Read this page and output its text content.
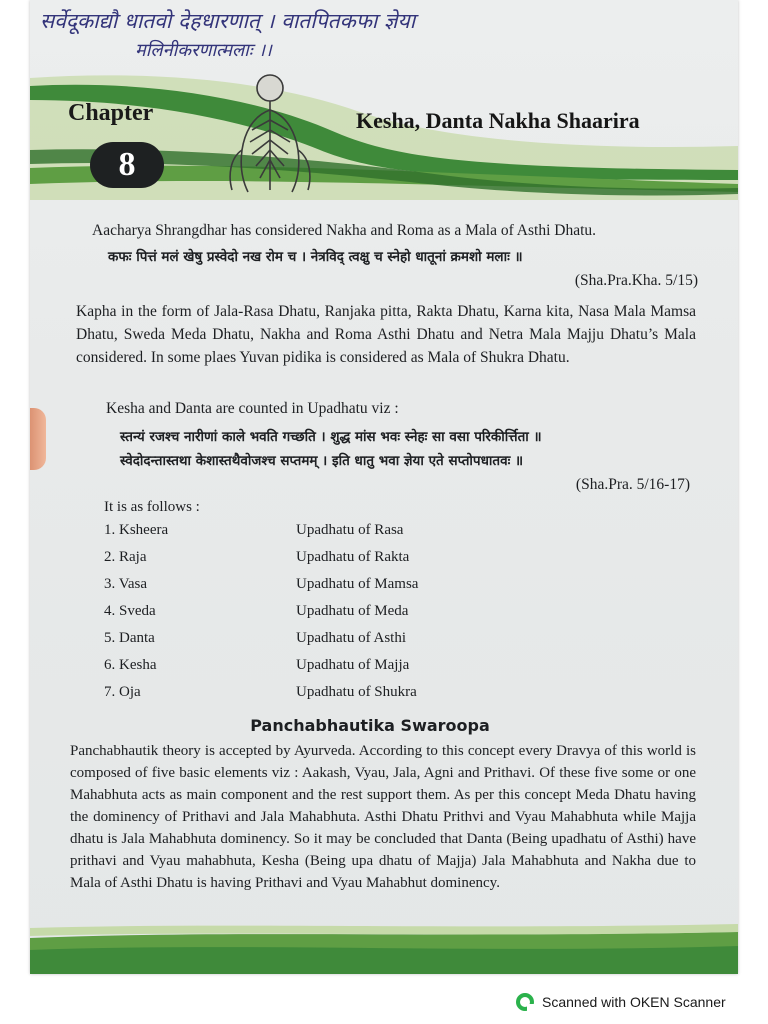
सर्वेदूकाद्यौ धातवो देहधारणात् । वातपितकफा ज्ञेया
मलिनीकरणात्मलाः ।।
Chapter
8
Kesha, Danta Nakha Shaarira
Aacharya Shrangdhar has considered Nakha and Roma as a Mala of Asthi Dhatu.
कफः पित्तं मलं खेषु प्रस्वेदो नख रोम च । नेत्रविद् त्वक्षु च स्नेहो धातूनां क्रमशो मलाः ॥
(Sha.Pra.Kha. 5/15)
Kapha in the form of Jala-Rasa Dhatu, Ranjaka pitta, Rakta Dhatu, Karna kita, Nasa Mala Mamsa Dhatu, Sweda Meda Dhatu, Nakha and Roma Asthi Dhatu and Netra Mala Majju Dhatu’s Mala considered. In some plaes Yuvan pidika is considered as Mala of Shukra Dhatu.
Kesha and Danta are counted in Upadhatu viz :
स्तन्यं रजश्च नारीणां काले भवति गच्छति । शुद्ध मांस भवः स्नेहः सा वसा परिकीर्त्तिता ॥
स्वेदोदन्तास्तथा केशास्तथैवोजश्च सप्तमम् । इति धातु भवा ज्ञेया एते सप्तोपधातवः ॥
(Sha.Pra. 5/16-17)
It is as follows :
1. Ksheera	Upadhatu of Rasa
2. Raja	Upadhatu of Rakta
3. Vasa	Upadhatu of Mamsa
4. Sveda	Upadhatu of Meda
5. Danta	Upadhatu of Asthi
6. Kesha	Upadhatu of Majja
7. Oja	Upadhatu of Shukra
Panchabhautika Swaroopa
Panchabhautik theory is accepted by Ayurveda. According to this concept every Dravya of this world is composed of five basic elements viz : Aakash, Vyau, Jala, Agni and Prithavi. Of these five some or one Mahabhuta acts as main component and the rest support them. As per this concept Meda Dhatu having the dominency of Prithavi and Jala Mahabhuta. Asthi Dhatu Prithvi and Vyau Mahabhuta while Majja dhatu is Jala Mahabhuta dominency. So it may be concluded that Danta (Being upadhatu of Asthi) have prithavi and Vyau mahabhuta, Kesha (Being upa dhatu of Majja) Jala Mahabhuta and Nakha due to Mala of Asthi Dhatu is having Prithavi and Vyau Mahabhut dominency.
Scanned with OKEN Scanner
